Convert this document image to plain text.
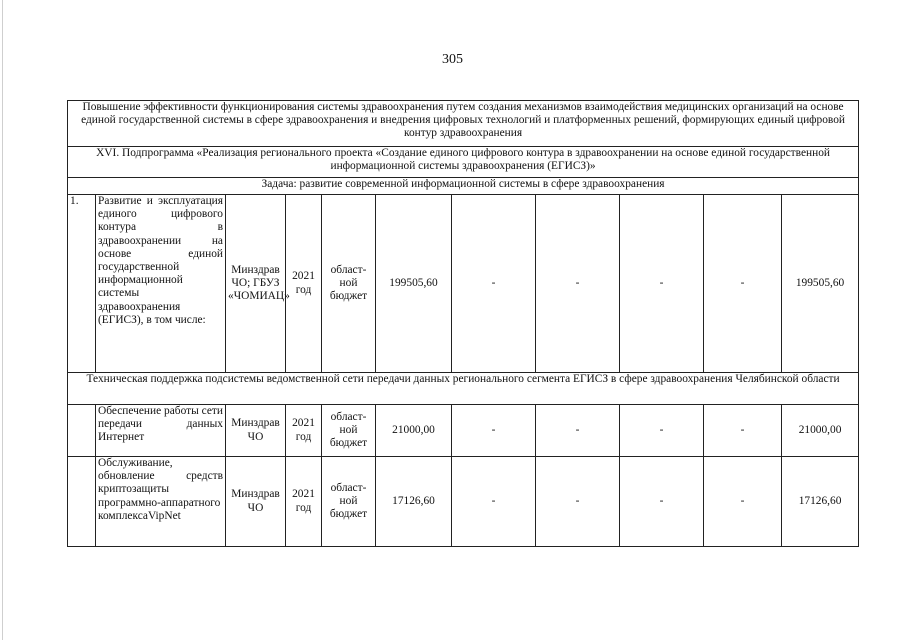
305
Повышение эффективности функционирования системы здравоохранения путем создания механизмов взаимодействия медицинских организаций на основе единой государственной системы в сфере здравоохранения и внедрения цифровых технологий и платформенных решений, формирующих единый цифровой контур здравоохранения										
XVI. Подпрограмма «Реализация регионального проекта «Создание единого цифрового контура в здравоохранении на основе единой государственной информационной системы здравоохранения (ЕГИСЗ)»										
Задача: развитие современной информационной системы в сфере здравоохранения										
1.	Развитие и эксплуатация единого цифрового контура в здравоохранении на основе единой государственной информационной системы здравоохранения (ЕГИСЗ), в том числе:	Минздрав ЧО; ГБУЗ «ЧОМИАЦ»	2021 год	област-ной бюджет	199505,60	-	-	-	-	199505,60
Техническая поддержка подсистемы ведомственной сети передачи данных регионального сегмента ЕГИСЗ в сфере здравоохранения Челябинской области										
	Обеспечение работы сети передачи данных Интернет	Минздрав ЧО	2021 год	област-ной бюджет	21000,00	-	-	-	-	21000,00
	Обслуживание, обновление средств криптозащиты программно-аппаратного комплексаVipNet	Минздрав ЧО	2021 год	област-ной бюджет	17126,60	-	-	-	-	17126,60
